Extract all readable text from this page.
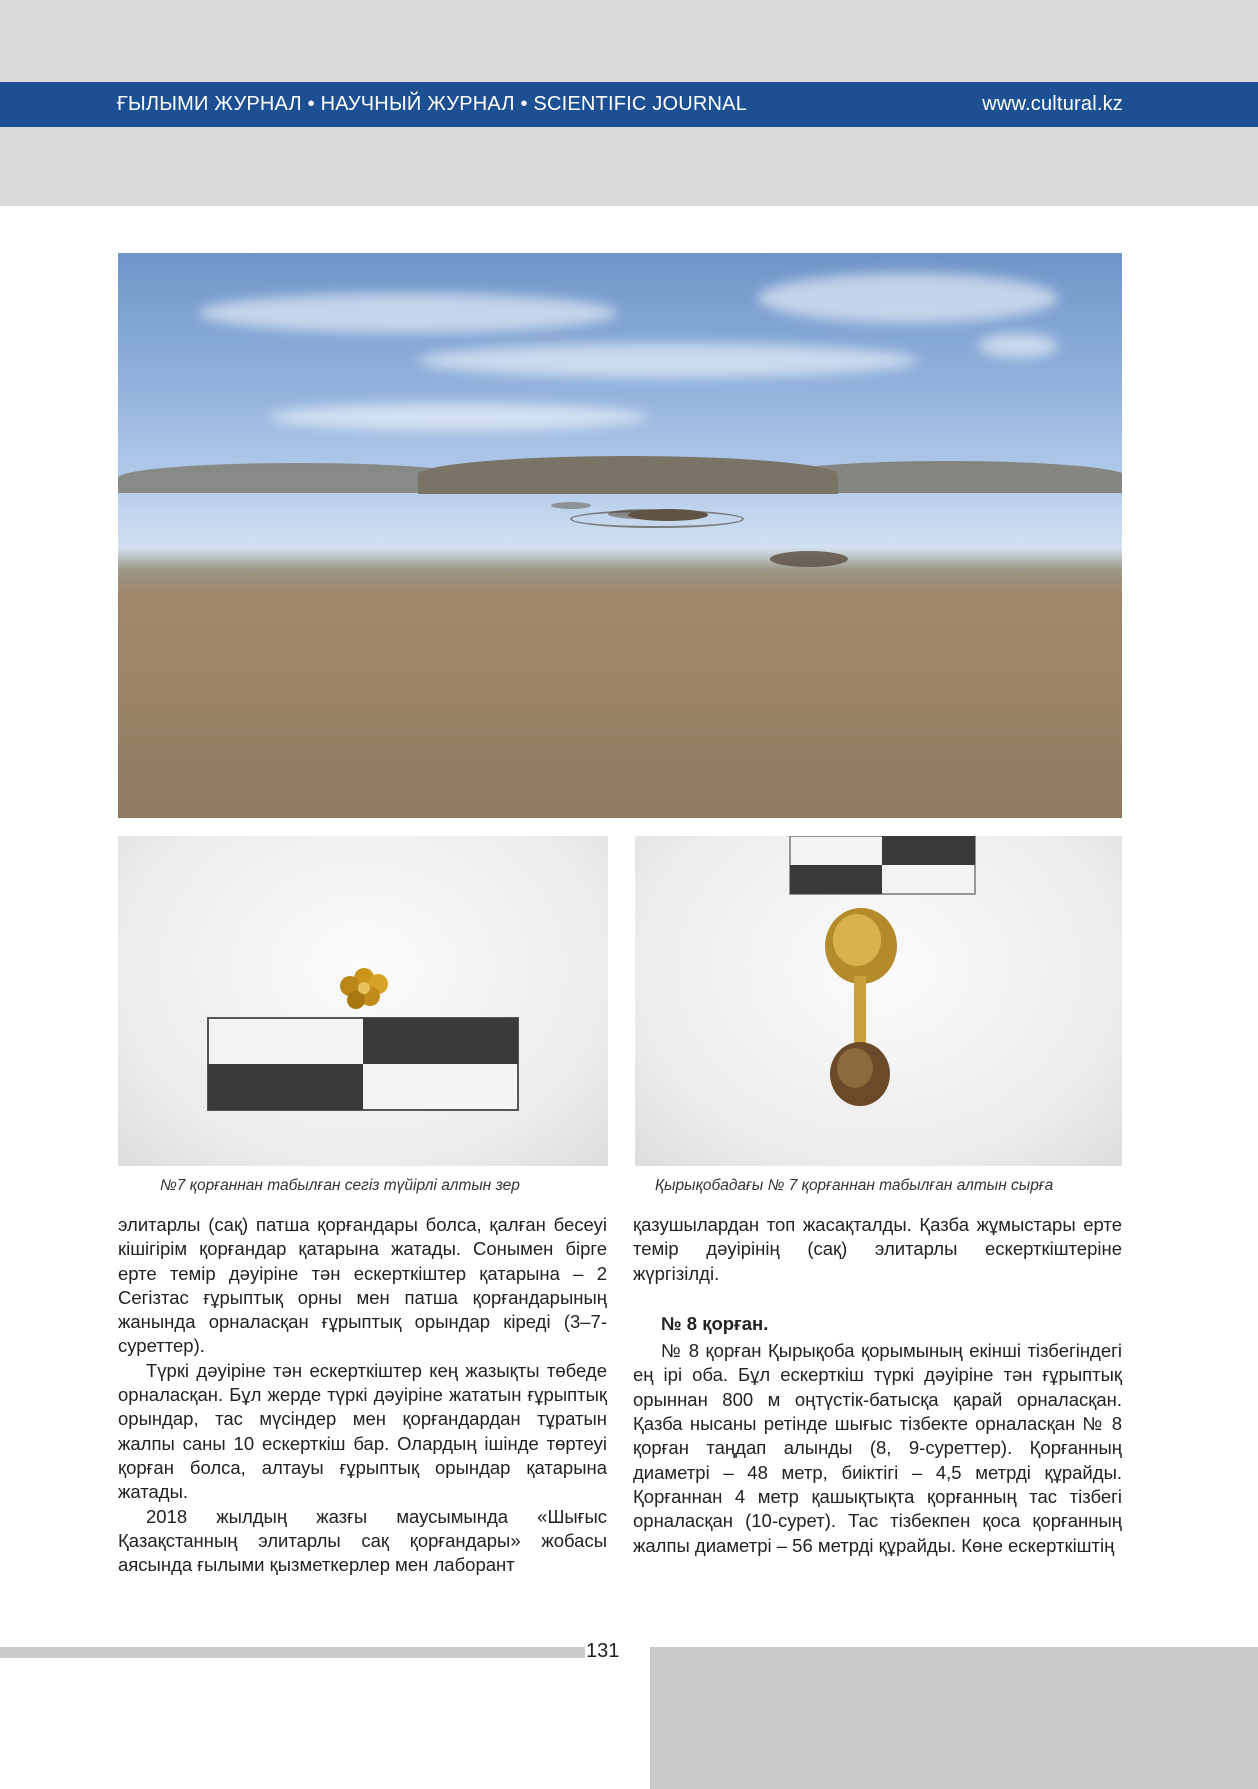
ҒЫЛЫМИ ЖУРНАЛ • НАУЧНЫЙ ЖУРНАЛ • SCIENTIFIC JOURNAL	www.cultural.kz
№7 қорғаннан табылған сегіз түйірлі алтын зер	Қырықобадағы № 7 қорғаннан табылған алтын сырға

элитарлы (сақ) патша қорғандары болса, қалған бесеуі кішігірім қорғандар қатарына жатады. Сонымен бірге ерте темір дәуіріне тән ескерткіштер қатарына – 2 Сегізтас ғұрыптық орны мен патша қорғандарының жанында орналасқан ғұрыптық орындар кіреді (3–7-суреттер).

Түркі дәуіріне тән ескерткіштер кең жазықты төбеде орналасқан. Бұл жерде түркі дәуіріне жататын ғұрыптық орындар, тас мүсіндер мен қорғандардан тұратын жалпы саны 10 ескерткіш бар. Олардың ішінде төртеуі қорған болса, алтауы ғұрыптық орындар қатарына жатады.

2018 жылдың жазғы маусымында «Шығыс Қазақстанның элитарлы сақ қорғандары» жобасы аясында ғылыми қызметкерлер мен лаборант

қазушылардан топ жасақталды. Қазба жұмыстары ерте темір дәуірінің (сақ) элитарлы ескерткіштеріне жүргізілді.

№ 8 қорған.

№ 8 қорған Қырықоба қорымының екінші тізбегіндегі ең ірі оба. Бұл ескерткіш түркі дәуіріне тән ғұрыптық орыннан 800 м оңтүстік-батысқа қарай орналасқан. Қазба нысаны ретінде шығыс тізбекте орналасқан № 8 қорған таңдап алынды (8, 9-суреттер). Қорғанның диаметрі – 48 метр, биіктігі – 4,5 метрді құрайды. Қорғаннан 4 метр қашықтықта қорғанның тас тізбегі орналасқан (10-сурет). Тас тізбекпен қоса қорғанның жалпы диаметрі – 56 метрді құрайды. Көне ескерткіштің

131
